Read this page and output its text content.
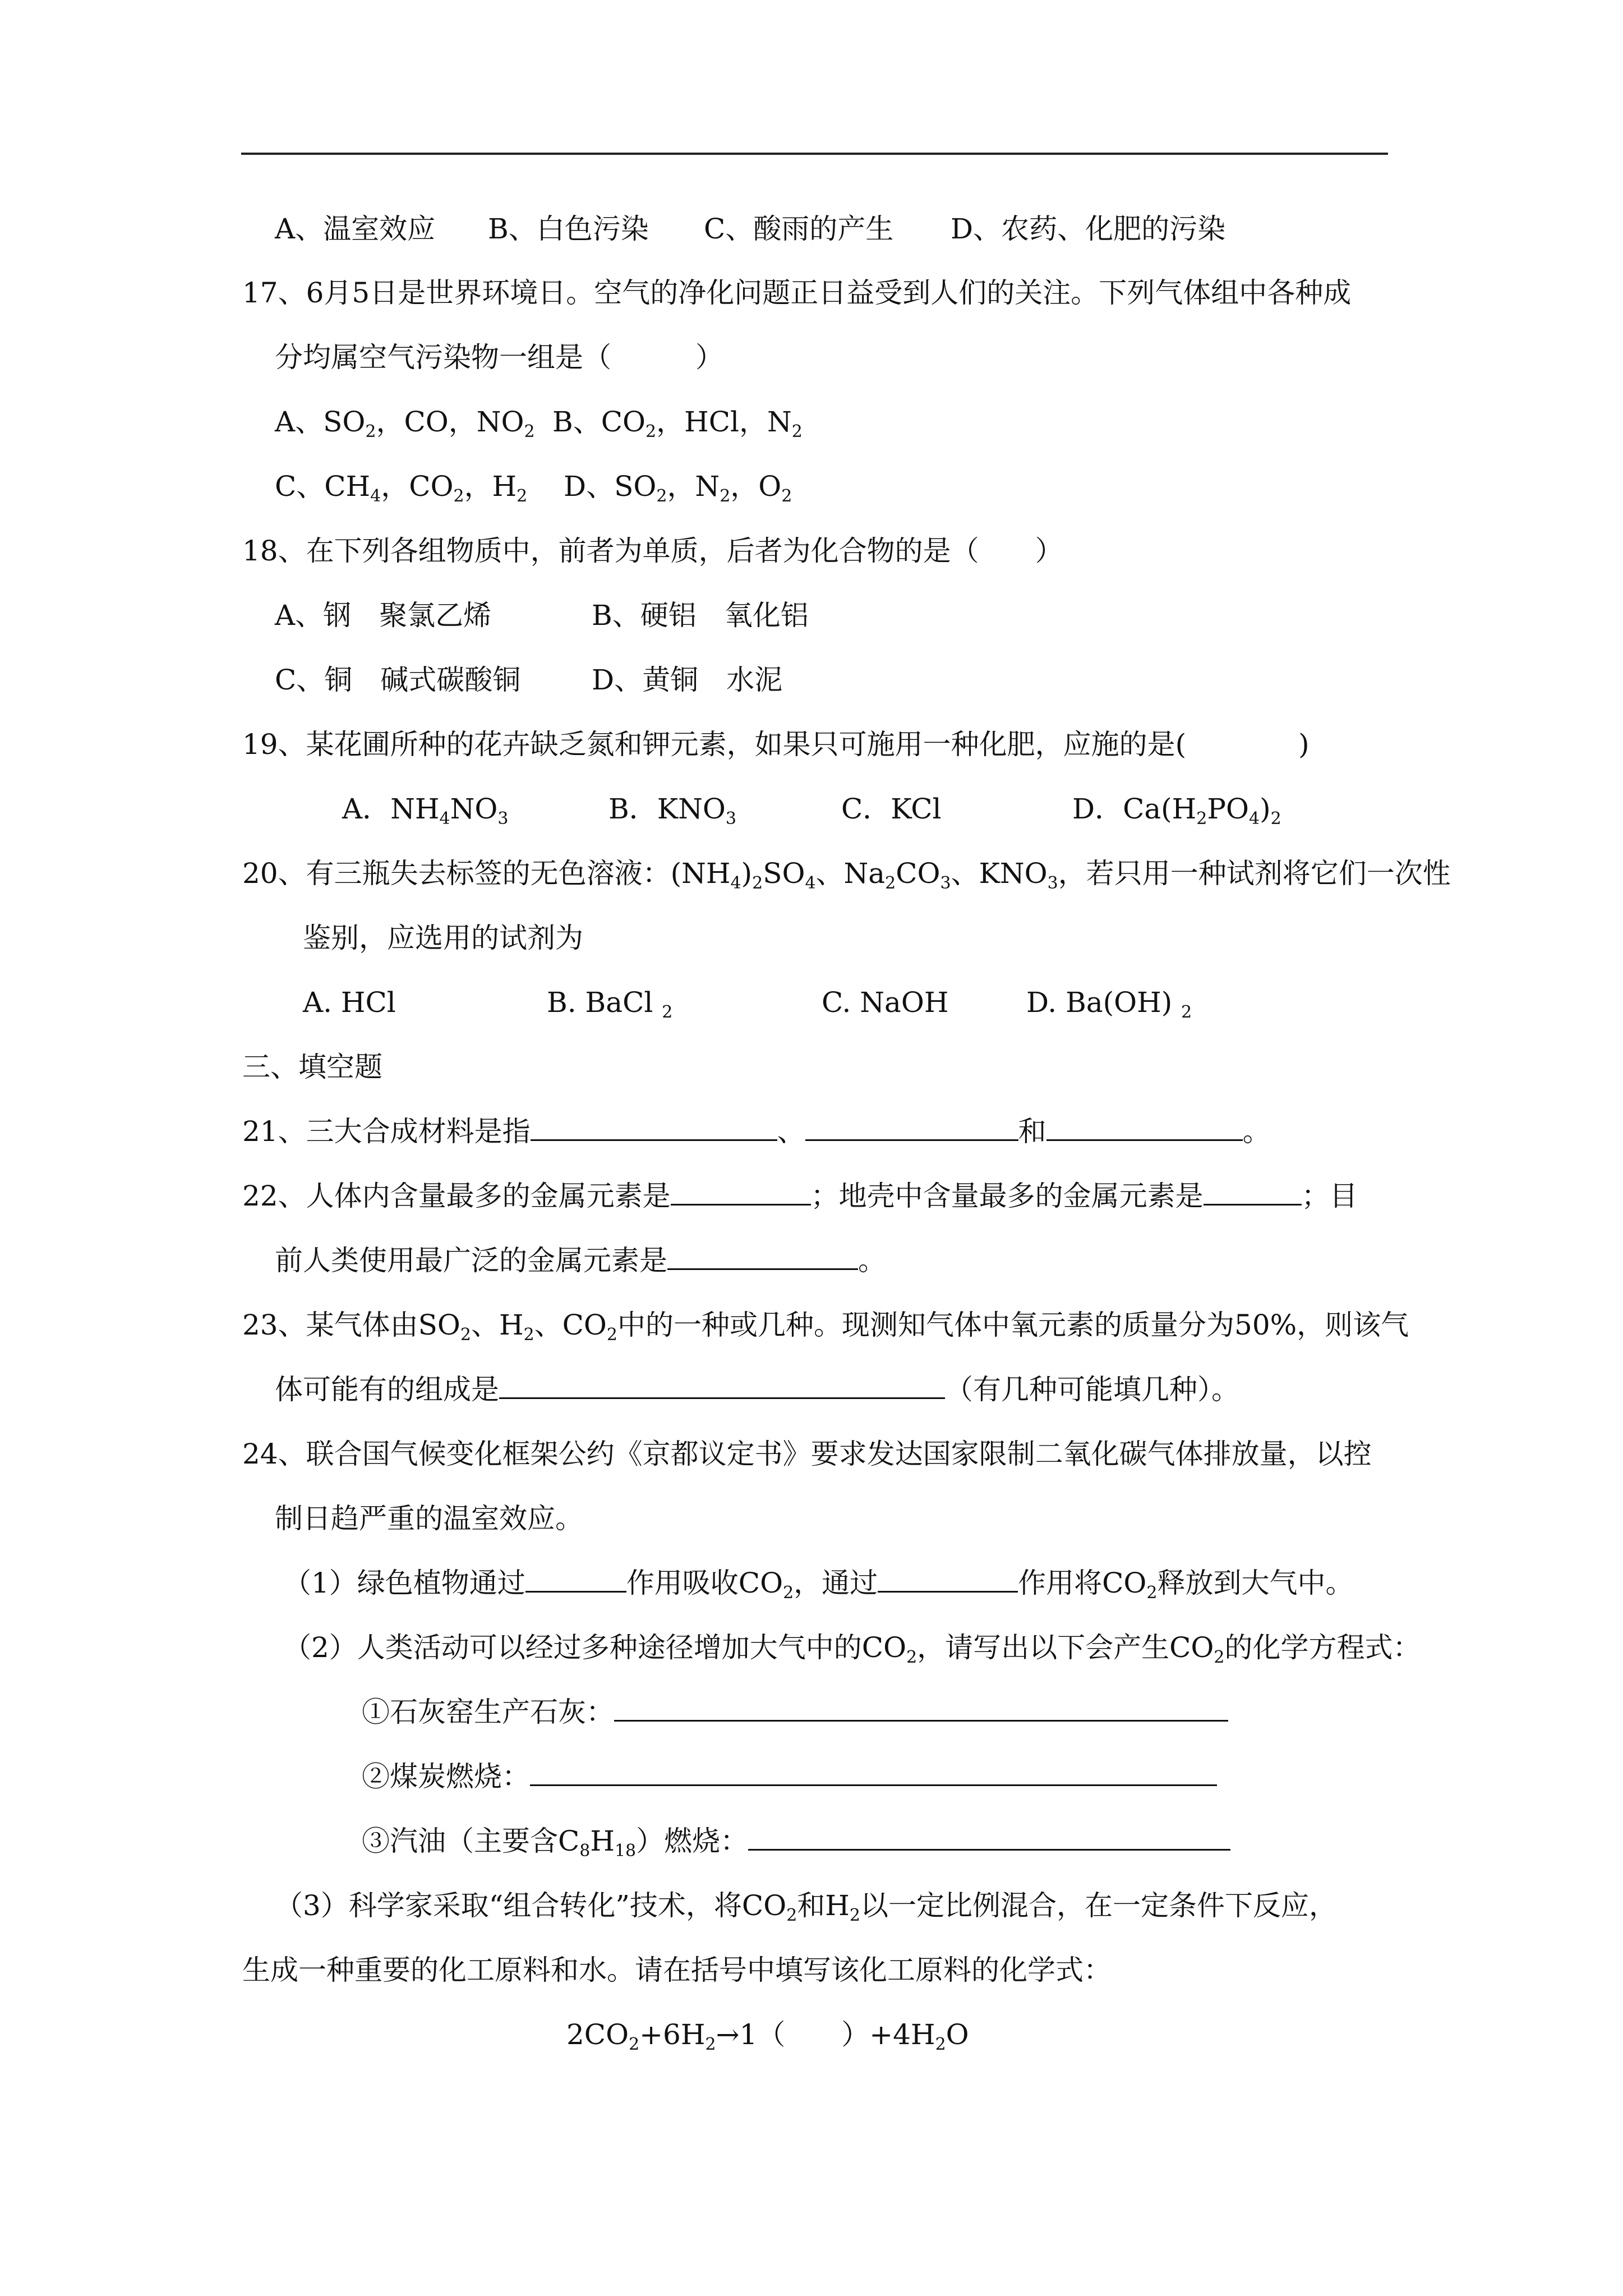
A、温室效应 B、白色污染 C、酸雨的产生 D、农药、化肥的污染
17、6月5日是世界环境日。空气的净化问题正日益受到人们的关注。下列气体组中各种成
分均属空气污染物一组是（　　　）
A、$SO_2$，CO，$NO_2$ B、$CO_2$，HCl，$N_2$
C、$CH_4$，$CO_2$，$H_2$ D、$SO_2$，$N_2$，$O_2$
18、在下列各组物质中，前者为单质，后者为化合物的是（　　）
A、钢　聚氯乙烯	B、硬铝　氧化铝
C、铜　碱式碳酸铜	D、黄铜　水泥
19、某花圃所种的花卉缺乏氮和钾元素，如果只可施用一种化肥，应施的是(　　　　)
A．$NH_4NO_3$	B．$KNO_3$	C．KCl	D．$Ca(H_2PO_4)_2$
20、有三瓶失去标签的无色溶液：$(NH_4)_2SO_4$、$Na_2CO_3$、$KNO_3$，若只用一种试剂将它们一次性
鉴别，应选用的试剂为
A. HCl	B. BaCl $_2$	C. NaOH	D. Ba(OH) $_2$
三、填空题
21、三大合成材料是指	、	和	。
22、人体内含量最多的金属元素是	；地壳中含量最多的金属元素是	；目
前人类使用最广泛的金属元素是	。
23、某气体由$SO_2$、$H_2$、$CO_2$中的一种或几种。现测知气体中氧元素的质量分为50%，则该气
体可能有的组成是	（有几种可能填几种）。
24、联合国气候变化框架公约《京都议定书》要求发达国家限制二氧化碳气体排放量，以控
制日趋严重的温室效应。
（1）绿色植物通过	作用吸收$CO_2$，通过	作用将$CO_2$释放到大气中。
（2）人类活动可以经过多种途径增加大气中的$CO_2$，请写出以下会产生$CO_2$的化学方程式：
①石灰窑生产石灰：
②煤炭燃烧：
③汽油（主要含$C_8H_{18}$）燃烧：
（3）科学家采取“组合转化”技术，将$CO_2$和$H_2$以一定比例混合，在一定条件下反应，
生成一种重要的化工原料和水。请在括号中填写该化工原料的化学式：
$2CO_2+6H_2\to 1$（　　）$+4H_2O$
